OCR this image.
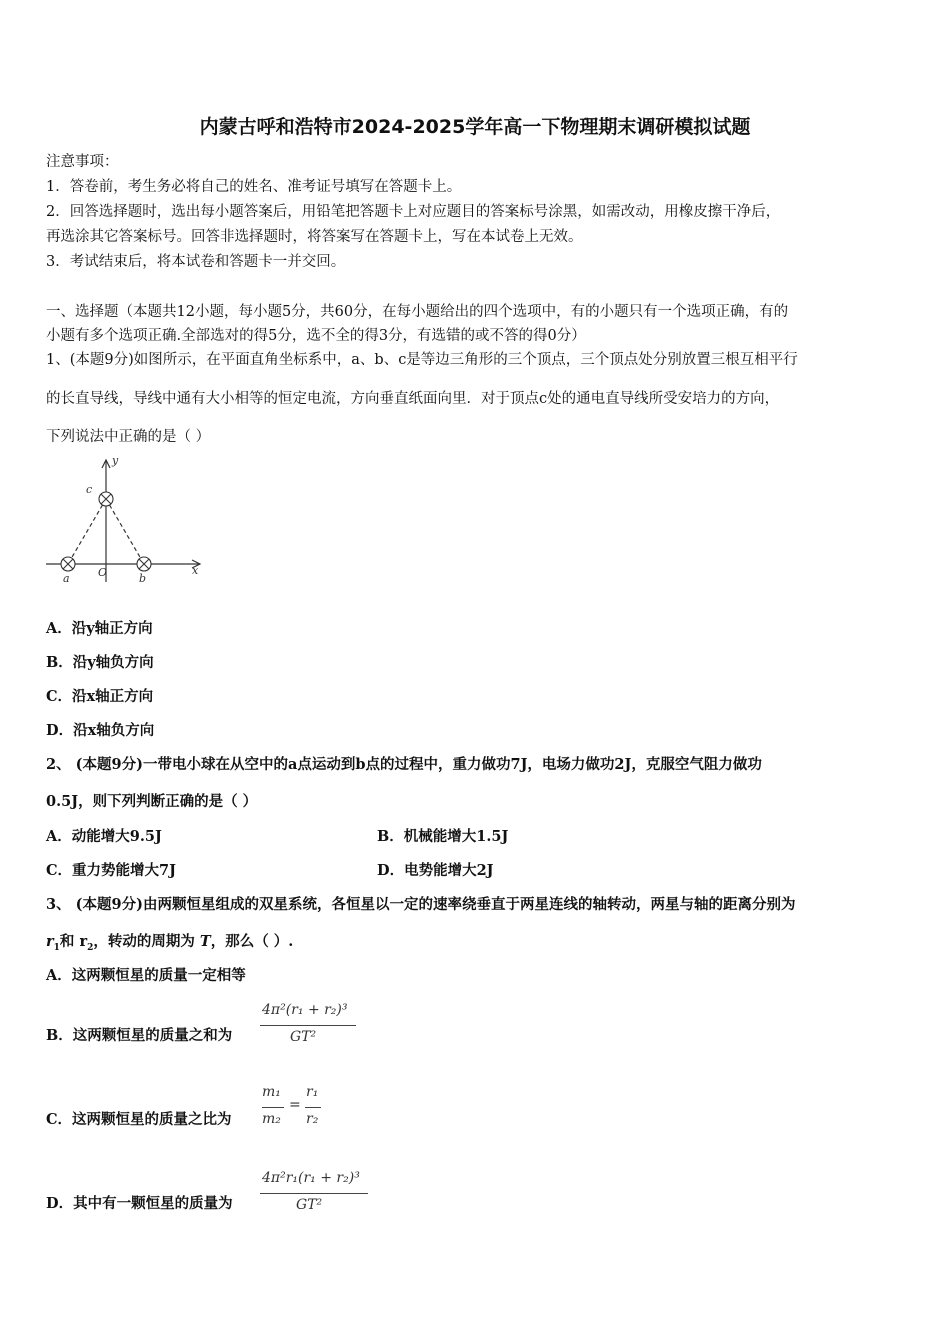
内蒙古呼和浩特市2024-2025学年高一下物理期末调研模拟试题
注意事项：
1．答卷前，考生务必将自己的姓名、准考证号填写在答题卡上。
2．回答选择题时，选出每小题答案后，用铅笔把答题卡上对应题目的答案标号涂黑，如需改动，用橡皮擦干净后，
再选涂其它答案标号。回答非选择题时，将答案写在答题卡上，写在本试卷上无效。
3．考试结束后，将本试卷和答题卡一并交回。
一、选择题（本题共12小题，每小题5分，共60分，在每小题给出的四个选项中，有的小题只有一个选项正确，有的
小题有多个选项正确.全部选对的得5分，选不全的得3分，有选错的或不答的得0分）
1、(本题9分)如图所示，在平面直角坐标系中，a、b、c是等边三角形的三个顶点，三个顶点处分别放置三根互相平行
的长直导线，导线中通有大小相等的恒定电流，方向垂直纸面向里．对于顶点c处的通电直导线所受安培力的方向，
下列说法中正确的是（ ）
y
x
O
a	b
c
A．沿y轴正方向
B．沿y轴负方向
C．沿x轴正方向
D．沿x轴负方向
2、 (本题9分)一带电小球在从空中的a点运动到b点的过程中，重力做功7J，电场力做功2J，克服空气阻力做功
0.5J，则下列判断正确的是（ ）
A．动能增大9.5J	B．机械能增大1.5J
C．重力势能增大7J	D．电势能增大2J
3、 (本题9分)由两颗恒星组成的双星系统，各恒星以一定的速率绕垂直于两星连线的轴转动，两星与轴的距离分别为
$r_1$和 $r_2$，转动的周期为 T，那么（ ）.
A．这两颗恒星的质量一定相等
B．这两颗恒星的质量之和为
4π²(r₁ + r₂)³
GT²
C．这两颗恒星的质量之比为
m₁
m₂
=
r₁
r₂
D．其中有一颗恒星的质量为
4π²r₁(r₁ + r₂)³
GT²
